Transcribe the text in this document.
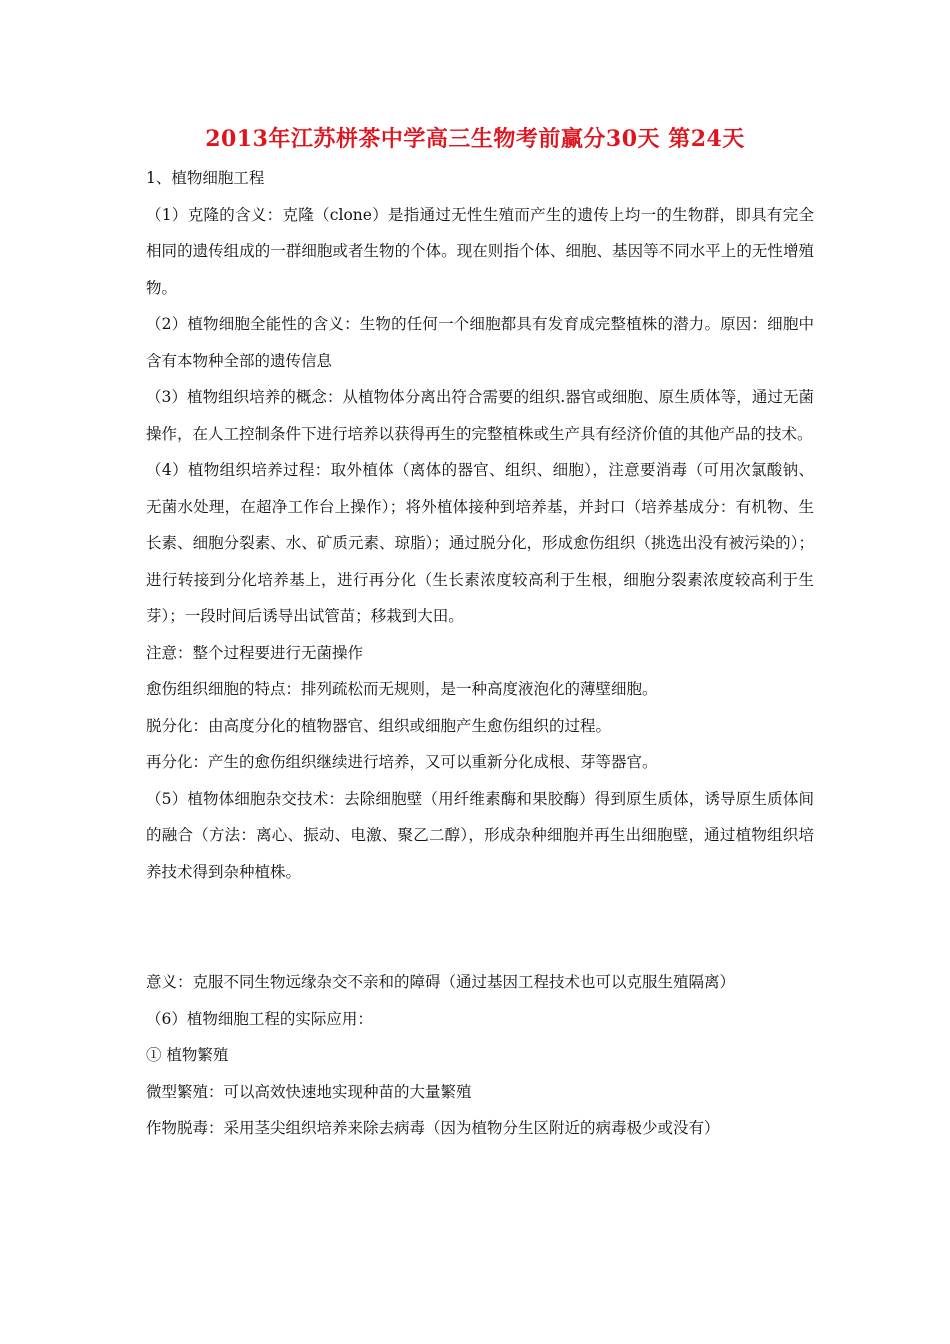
2013年江苏栟茶中学高三生物考前赢分30天 第24天

1、植物细胞工程

（1）克隆的含义：克隆（clone）是指通过无性生殖而产生的遗传上均一的生物群，即具有完全相同的遗传组成的一群细胞或者生物的个体。现在则指个体、细胞、基因等不同水平上的无性增殖物。

（2）植物细胞全能性的含义：生物的任何一个细胞都具有发育成完整植株的潜力。原因：细胞中含有本物种全部的遗传信息

（3）植物组织培养的概念：从植物体分离出符合需要的组织.器官或细胞、原生质体等，通过无菌操作，在人工控制条件下进行培养以获得再生的完整植株或生产具有经济价值的其他产品的技术。

（4）植物组织培养过程：取外植体（离体的器官、组织、细胞），注意要消毒（可用次氯酸钠、无菌水处理，在超净工作台上操作）；将外植体接种到培养基，并封口（培养基成分：有机物、生长素、细胞分裂素、水、矿质元素、琼脂）；通过脱分化，形成愈伤组织（挑选出没有被污染的）；进行转接到分化培养基上，进行再分化（生长素浓度较高利于生根，细胞分裂素浓度较高利于生芽）；一段时间后诱导出试管苗；移栽到大田。

注意：整个过程要进行无菌操作

愈伤组织细胞的特点：排列疏松而无规则，是一种高度液泡化的薄壁细胞。

脱分化：由高度分化的植物器官、组织或细胞产生愈伤组织的过程。

再分化：产生的愈伤组织继续进行培养，又可以重新分化成根、芽等器官。

（5）植物体细胞杂交技术：去除细胞壁（用纤维素酶和果胶酶）得到原生质体，诱导原生质体间的融合（方法：离心、振动、电激、聚乙二醇），形成杂种细胞并再生出细胞壁，通过植物组织培养技术得到杂种植株。

意义：克服不同生物远缘杂交不亲和的障碍（通过基因工程技术也可以克服生殖隔离）

（6）植物细胞工程的实际应用：

① 植物繁殖

微型繁殖：可以高效快速地实现种苗的大量繁殖

作物脱毒：采用茎尖组织培养来除去病毒（因为植物分生区附近的病毒极少或没有）
